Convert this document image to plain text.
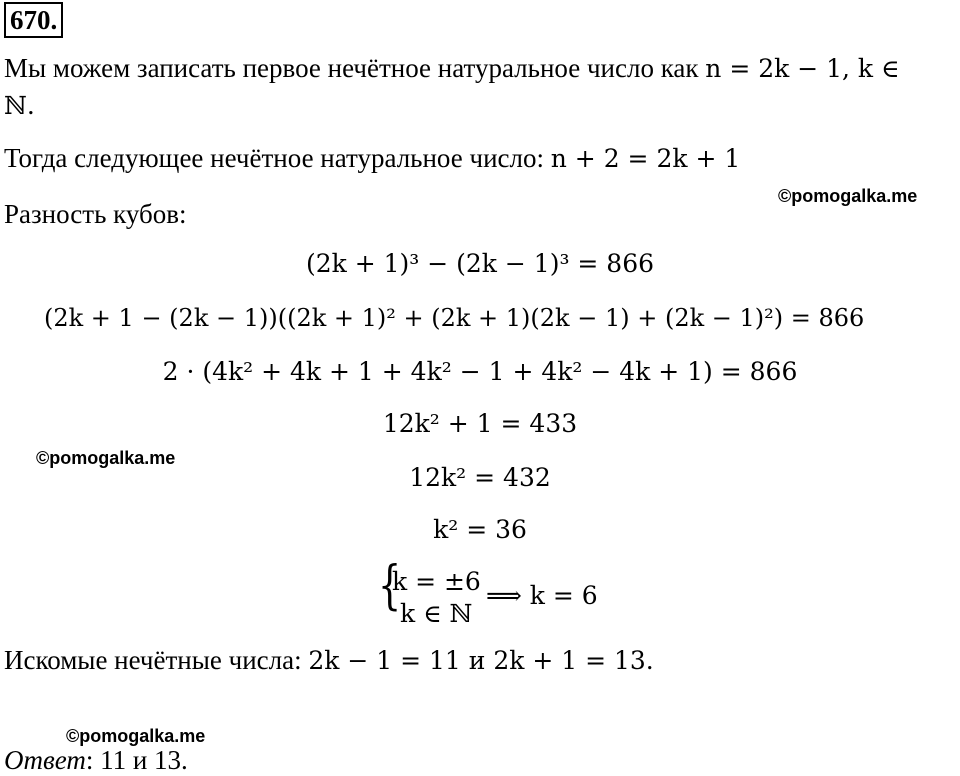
670.
Мы можем записать первое нечётное натуральное число как n = 2k − 1, k ∈
ℕ.
Тогда следующее нечётное натуральное число: n + 2 = 2k + 1
©pomogalka.me
Разность кубов:
(2k + 1)³ − (2k − 1)³ = 866
(2k + 1 − (2k − 1))((2k + 1)² + (2k + 1)(2k − 1) + (2k − 1)²) = 866
2 · (4k² + 4k + 1 + 4k² − 1 + 4k² − 4k + 1) = 866
12k² + 1 = 433
©pomogalka.me
12k² = 432
k² = 36
{
k = ±6
k ∈ ℕ
⟹ k = 6
Искомые нечётные числа: 2k − 1 = 11 и 2k + 1 = 13.
©pomogalka.me
Ответ: 11 и 13.
